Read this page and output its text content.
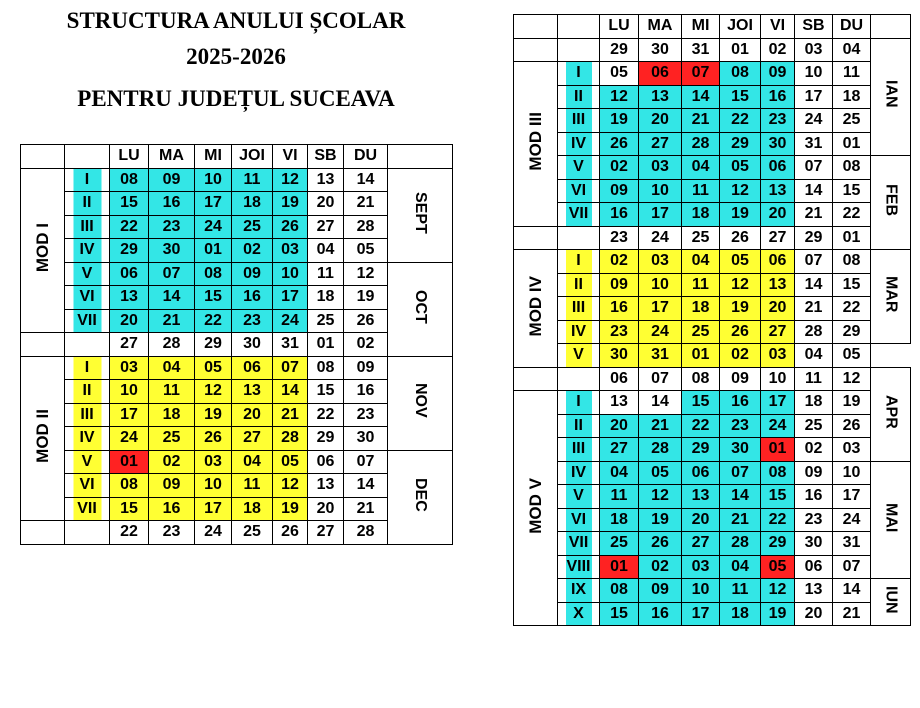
STRUCTURA ANULUI ȘCOLAR
2025-2026
PENTRU JUDEȚUL SUCEAVA
		LU	MA	MI	JOI	VI	SB	DU	
MOD I	I	08	09	10	11	12	13	14	SEPT
	II	15	16	17	18	19	20	21	
	III	22	23	24	25	26	27	28	
	IV	29	30	01	02	03	04	05	
	V	06	07	08	09	10	11	12	OCT
	VI	13	14	15	16	17	18	19	
	VII	20	21	22	23	24	25	26	
		27	28	29	30	31	01	02	
MOD II	I	03	04	05	06	07	08	09	NOV
	II	10	11	12	13	14	15	16	
	III	17	18	19	20	21	22	23	
	IV	24	25	26	27	28	29	30	
	V	01	02	03	04	05	06	07	DEC
	VI	08	09	10	11	12	13	14	
	VII	15	16	17	18	19	20	21	
		22	23	24	25	26	27	28	
		LU	MA	MI	JOI	VI	SB	DU	
		29	30	31	01	02	03	04	IAN
MOD III	I	05	06	07	08	09	10	11	
	II	12	13	14	15	16	17	18	
	III	19	20	21	22	23	24	25	
	IV	26	27	28	29	30	31	01	
	V	02	03	04	05	06	07	08	FEB
	VI	09	10	11	12	13	14	15	
	VII	16	17	18	19	20	21	22	
		23	24	25	26	27	29	01	
MOD IV	I	02	03	04	05	06	07	08	MAR
	II	09	10	11	12	13	14	15	
	III	16	17	18	19	20	21	22	
	IV	23	24	25	26	27	28	29	
	V	30	31	01	02	03	04	05	
		06	07	08	09	10	11	12	APR
MOD V	I	13	14	15	16	17	18	19	
	II	20	21	22	23	24	25	26	
	III	27	28	29	30	01	02	03	
	IV	04	05	06	07	08	09	10	MAI
	V	11	12	13	14	15	16	17	
	VI	18	19	20	21	22	23	24	
	VII	25	26	27	28	29	30	31	
	VIII	01	02	03	04	05	06	07	
	IX	08	09	10	11	12	13	14	IUN
	X	15	16	17	18	19	20	21	
